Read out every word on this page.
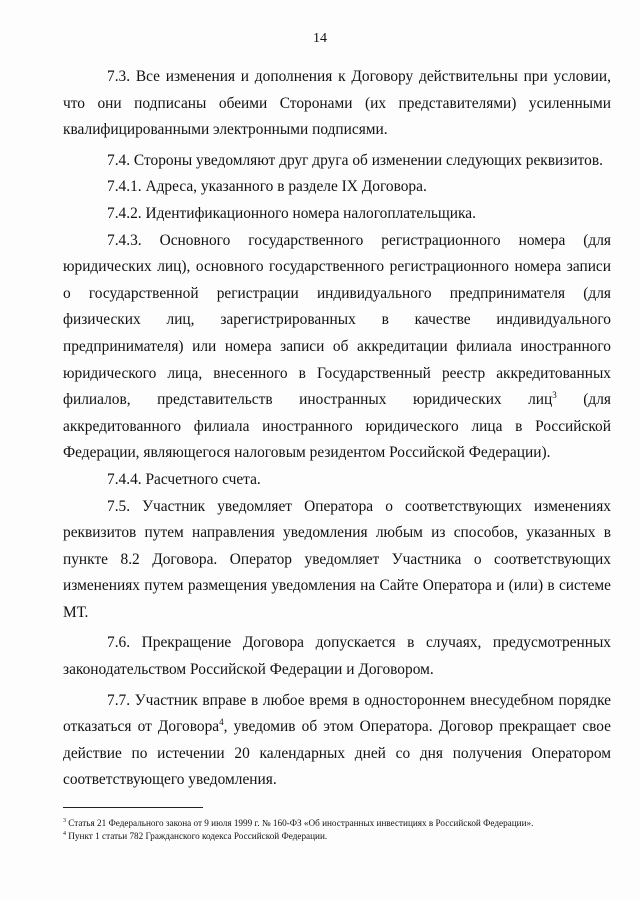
14

7.3. Все изменения и дополнения к Договору действительны при условии, что они подписаны обеими Сторонами (их представителями) усиленными квалифицированными электронными подписями.

7.4. Стороны уведомляют друг друга об изменении следующих реквизитов.

7.4.1. Адреса, указанного в разделе IX Договора.

7.4.2. Идентификационного номера налогоплательщика.

7.4.3. Основного государственного регистрационного номера (для юридических лиц), основного государственного регистрационного номера записи о государственной регистрации индивидуального предпринимателя (для физических лиц, зарегистрированных в качестве индивидуального предпринимателя) или номера записи об аккредитации филиала иностранного юридического лица, внесенного в Государственный реестр аккредитованных филиалов, представительств иностранных юридических лиц$^3$ (для аккредитованного филиала иностранного юридического лица в Российской Федерации, являющегося налоговым резидентом Российской Федерации).

7.4.4. Расчетного счета.

7.5. Участник уведомляет Оператора о соответствующих изменениях реквизитов путем направления уведомления любым из способов, указанных в пункте 8.2 Договора. Оператор уведомляет Участника о соответствующих изменениях путем размещения уведомления на Сайте Оператора и (или) в системе МТ.

7.6. Прекращение Договора допускается в случаях, предусмотренных законодательством Российской Федерации и Договором.

7.7. Участник вправе в любое время в одностороннем внесудебном порядке отказаться от Договора$^4$, уведомив об этом Оператора. Договор прекращает свое действие по истечении 20 календарных дней со дня получения Оператором соответствующего уведомления.

$^3$ Статья 21 Федерального закона от 9 июля 1999 г. № 160-ФЗ «Об иностранных инвестициях в Российской Федерации».
$^4$ Пункт 1 статьи 782 Гражданского кодекса Российской Федерации.
